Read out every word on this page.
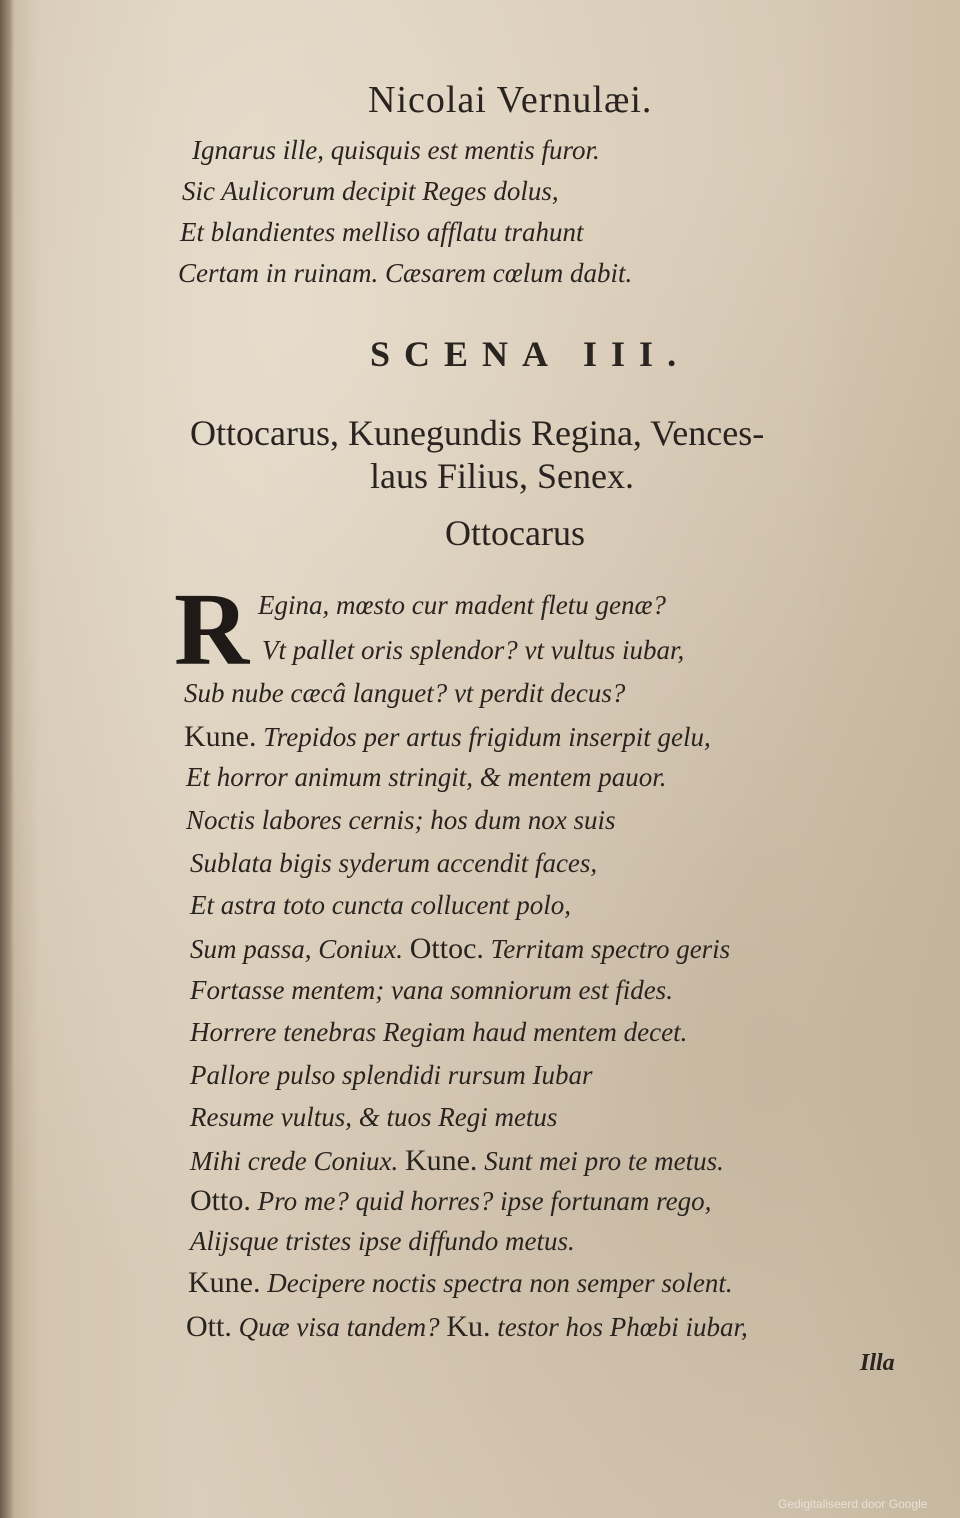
Nicolai Vernulæi.
Ignarus ille, quisquis est mentis furor.
Sic Aulicorum decipit Reges dolus,
Et blandientes melliso afflatu trahunt
Certam in ruinam. Cæsarem cœlum dabit.
SCENA III.
Ottocarus, Kunegundis Regina, Vences-
laus Filius, Senex.
Ottocarus
R Egina, mœsto cur madent fletu genæ?
Vt pallet oris splendor? vt vultus iubar,
Sub nube cæcâ languet? vt perdit decus?
Kune. Trepidos per artus frigidum inserpit gelu,
Et horror animum stringit, & mentem pauor.
Noctis labores cernis; hos dum nox suis
Sublata bigis syderum accendit faces,
Et astra toto cuncta collucent polo,
Sum passa, Coniux. Ottoc. Territam spectro geris
Fortasse mentem; vana somniorum est fides.
Horrere tenebras Regiam haud mentem decet.
Pallore pulso splendidi rursum Iubar
Resume vultus, & tuos Regi metus
Mihi crede Coniux. Kune. Sunt mei pro te metus.
Otto. Pro me? quid horres? ipse fortunam rego,
Alijsque tristes ipse diffundo metus.
Kune. Decipere noctis spectra non semper solent.
Ott. Quæ visa tandem? Ku. testor hos Phœbi iubar,
Illa
Gedigitaliseerd door Google
